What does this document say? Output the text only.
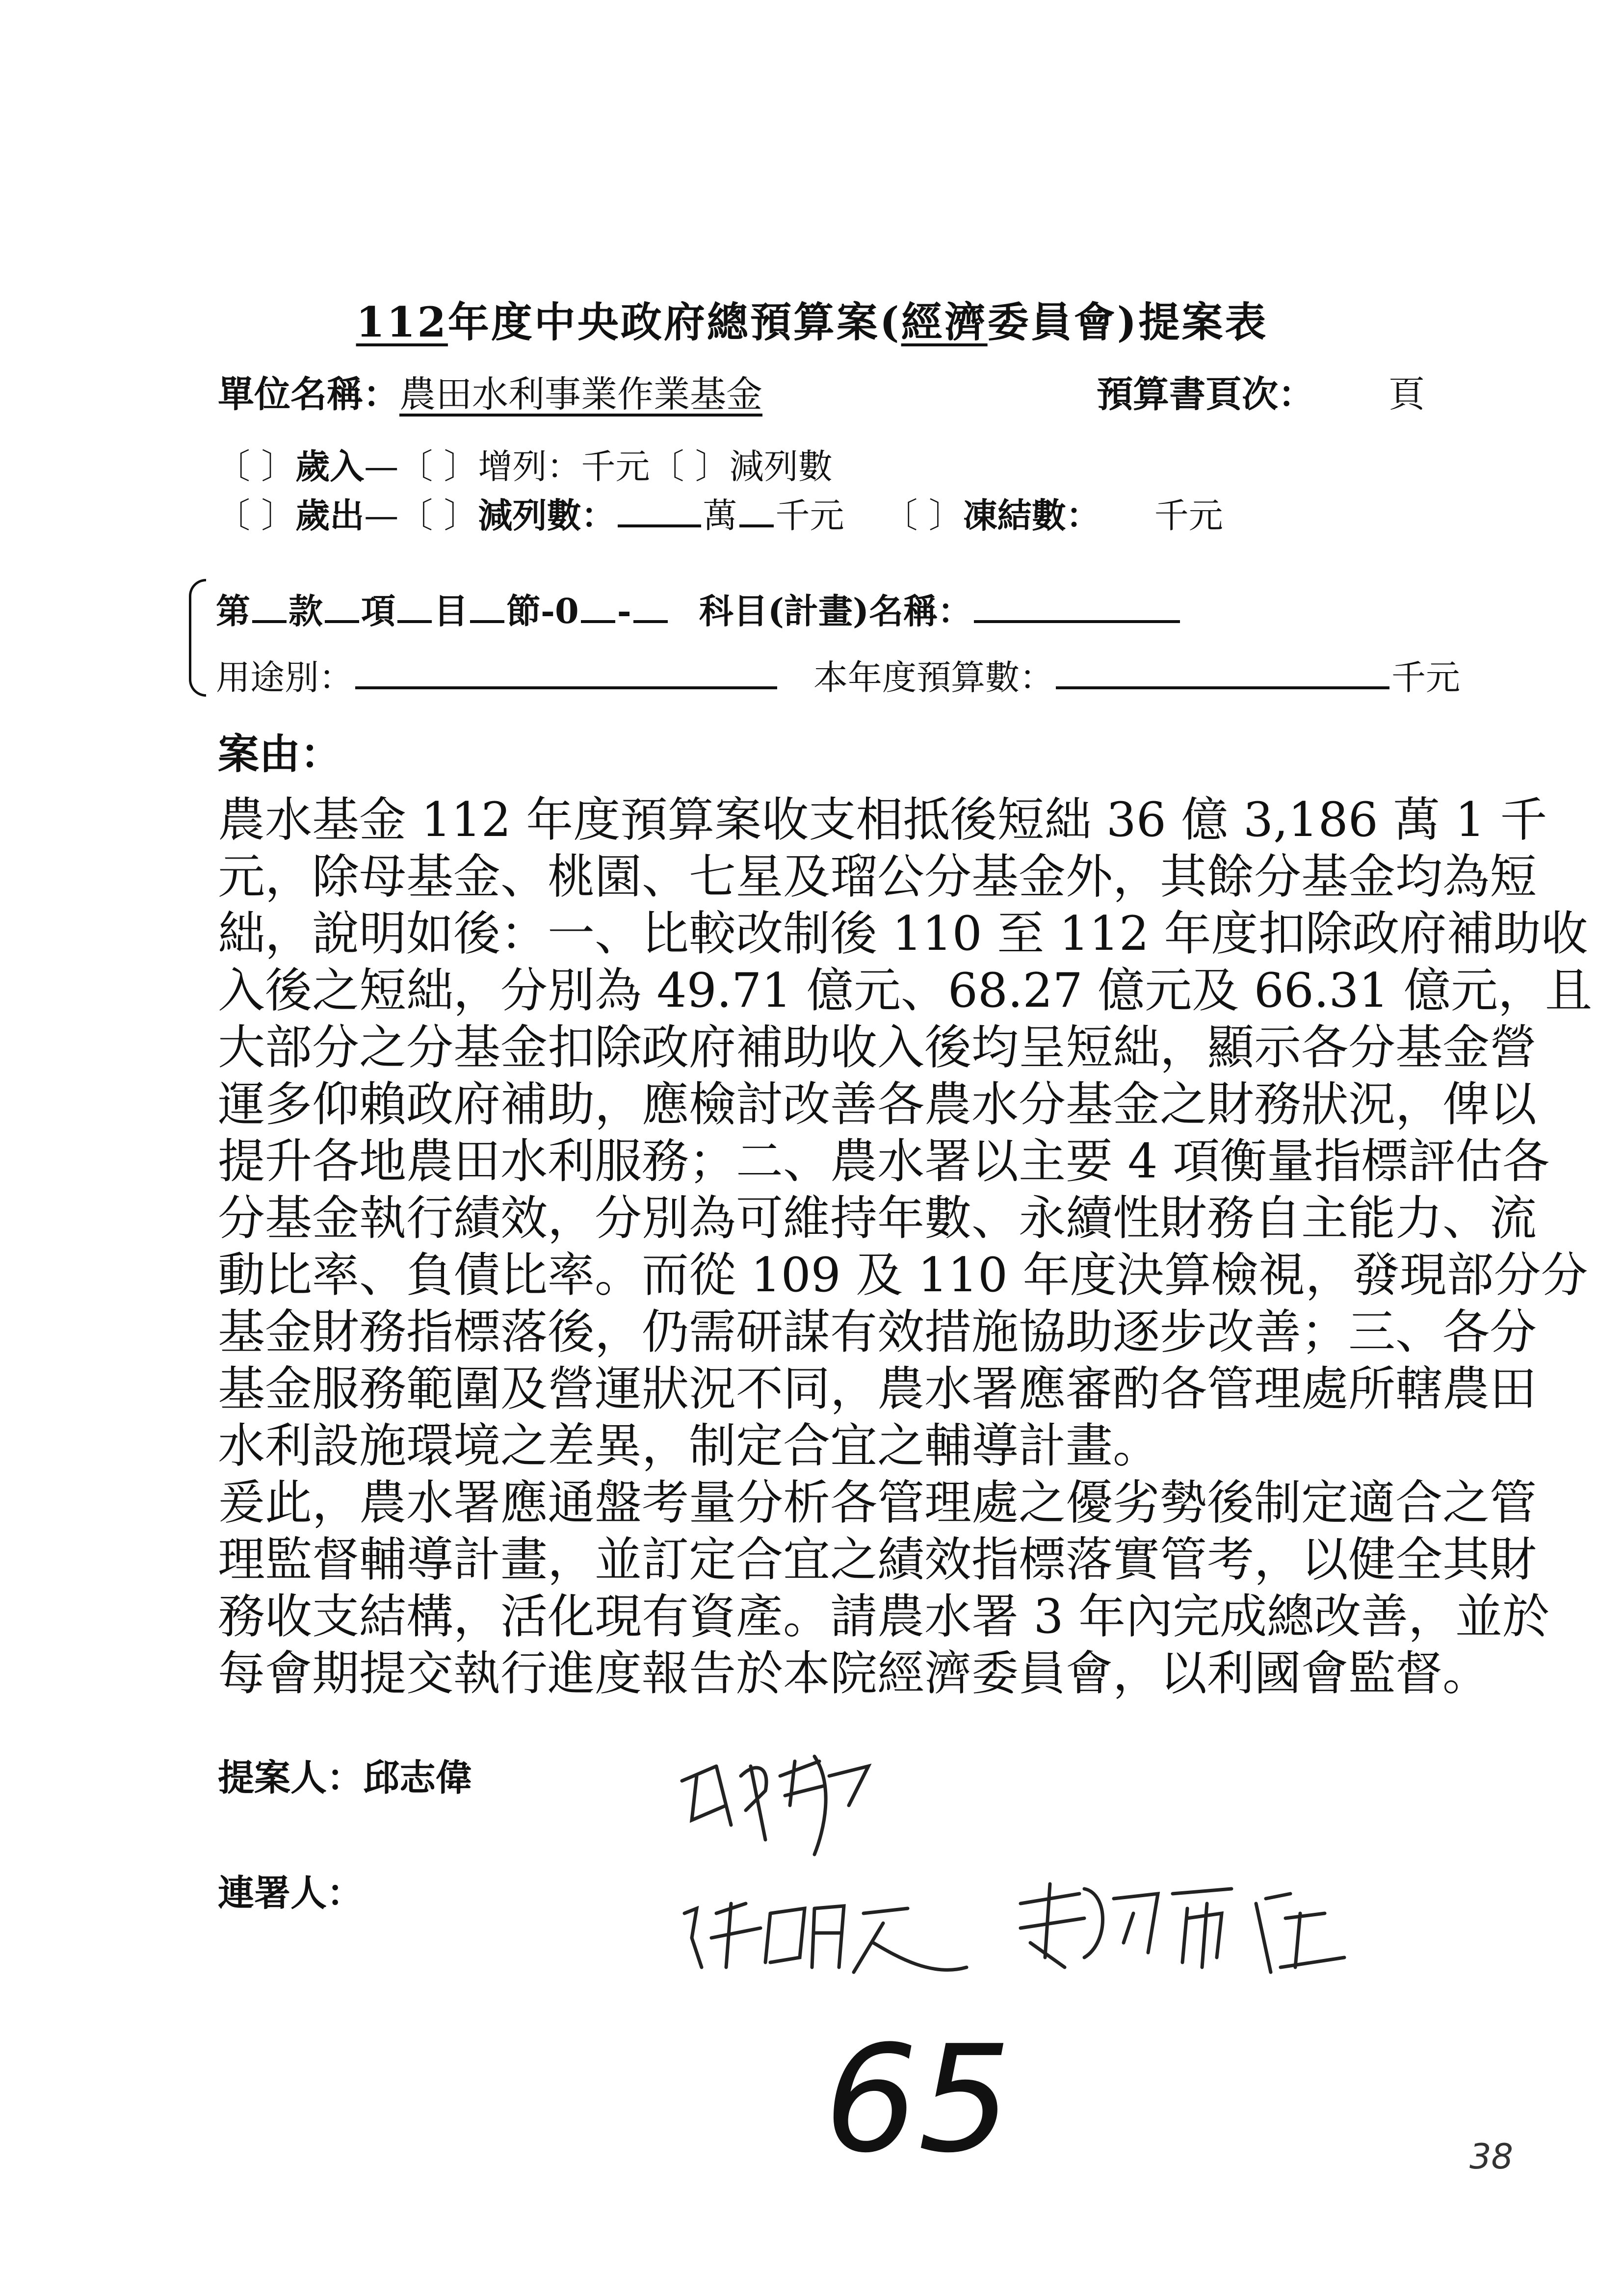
112年度中央政府總預算案(經濟委員會)提案表
單位名稱：農田水利事業作業基金	預算書頁次： 頁
〔 〕歲入—〔 〕增列：千元〔 〕減列數
〔 〕歲出—〔 〕減列數：	萬 千元 〔 〕凍結數： 千元
第 款 項 目 節-0 - 科目(計畫)名稱：
用途別：	本年度預算數：	千元
案由：
農水基金 112 年度預算案收支相抵後短絀 36 億 3,186 萬 1 千
元，除母基金、桃園、七星及瑠公分基金外，其餘分基金均為短
絀，說明如後：一、比較改制後 110 至 112 年度扣除政府補助收
入後之短絀，分別為 49.71 億元、68.27 億元及 66.31 億元，且
大部分之分基金扣除政府補助收入後均呈短絀，顯示各分基金營
運多仰賴政府補助，應檢討改善各農水分基金之財務狀況，俾以
提升各地農田水利服務；二、農水署以主要 4 項衡量指標評估各
分基金執行績效，分別為可維持年數、永續性財務自主能力、流
動比率、負債比率。而從 109 及 110 年度決算檢視，發現部分分
基金財務指標落後，仍需研謀有效措施協助逐步改善；三、各分
基金服務範圍及營運狀況不同，農水署應審酌各管理處所轄農田
水利設施環境之差異，制定合宜之輔導計畫。
爰此，農水署應通盤考量分析各管理處之優劣勢後制定適合之管
理監督輔導計畫，並訂定合宜之績效指標落實管考，以健全其財
務收支結構，活化現有資產。請農水署 3 年內完成總改善，並於
每會期提交執行進度報告於本院經濟委員會，以利國會監督。
提案人：邱志偉
連署人：
65	38
